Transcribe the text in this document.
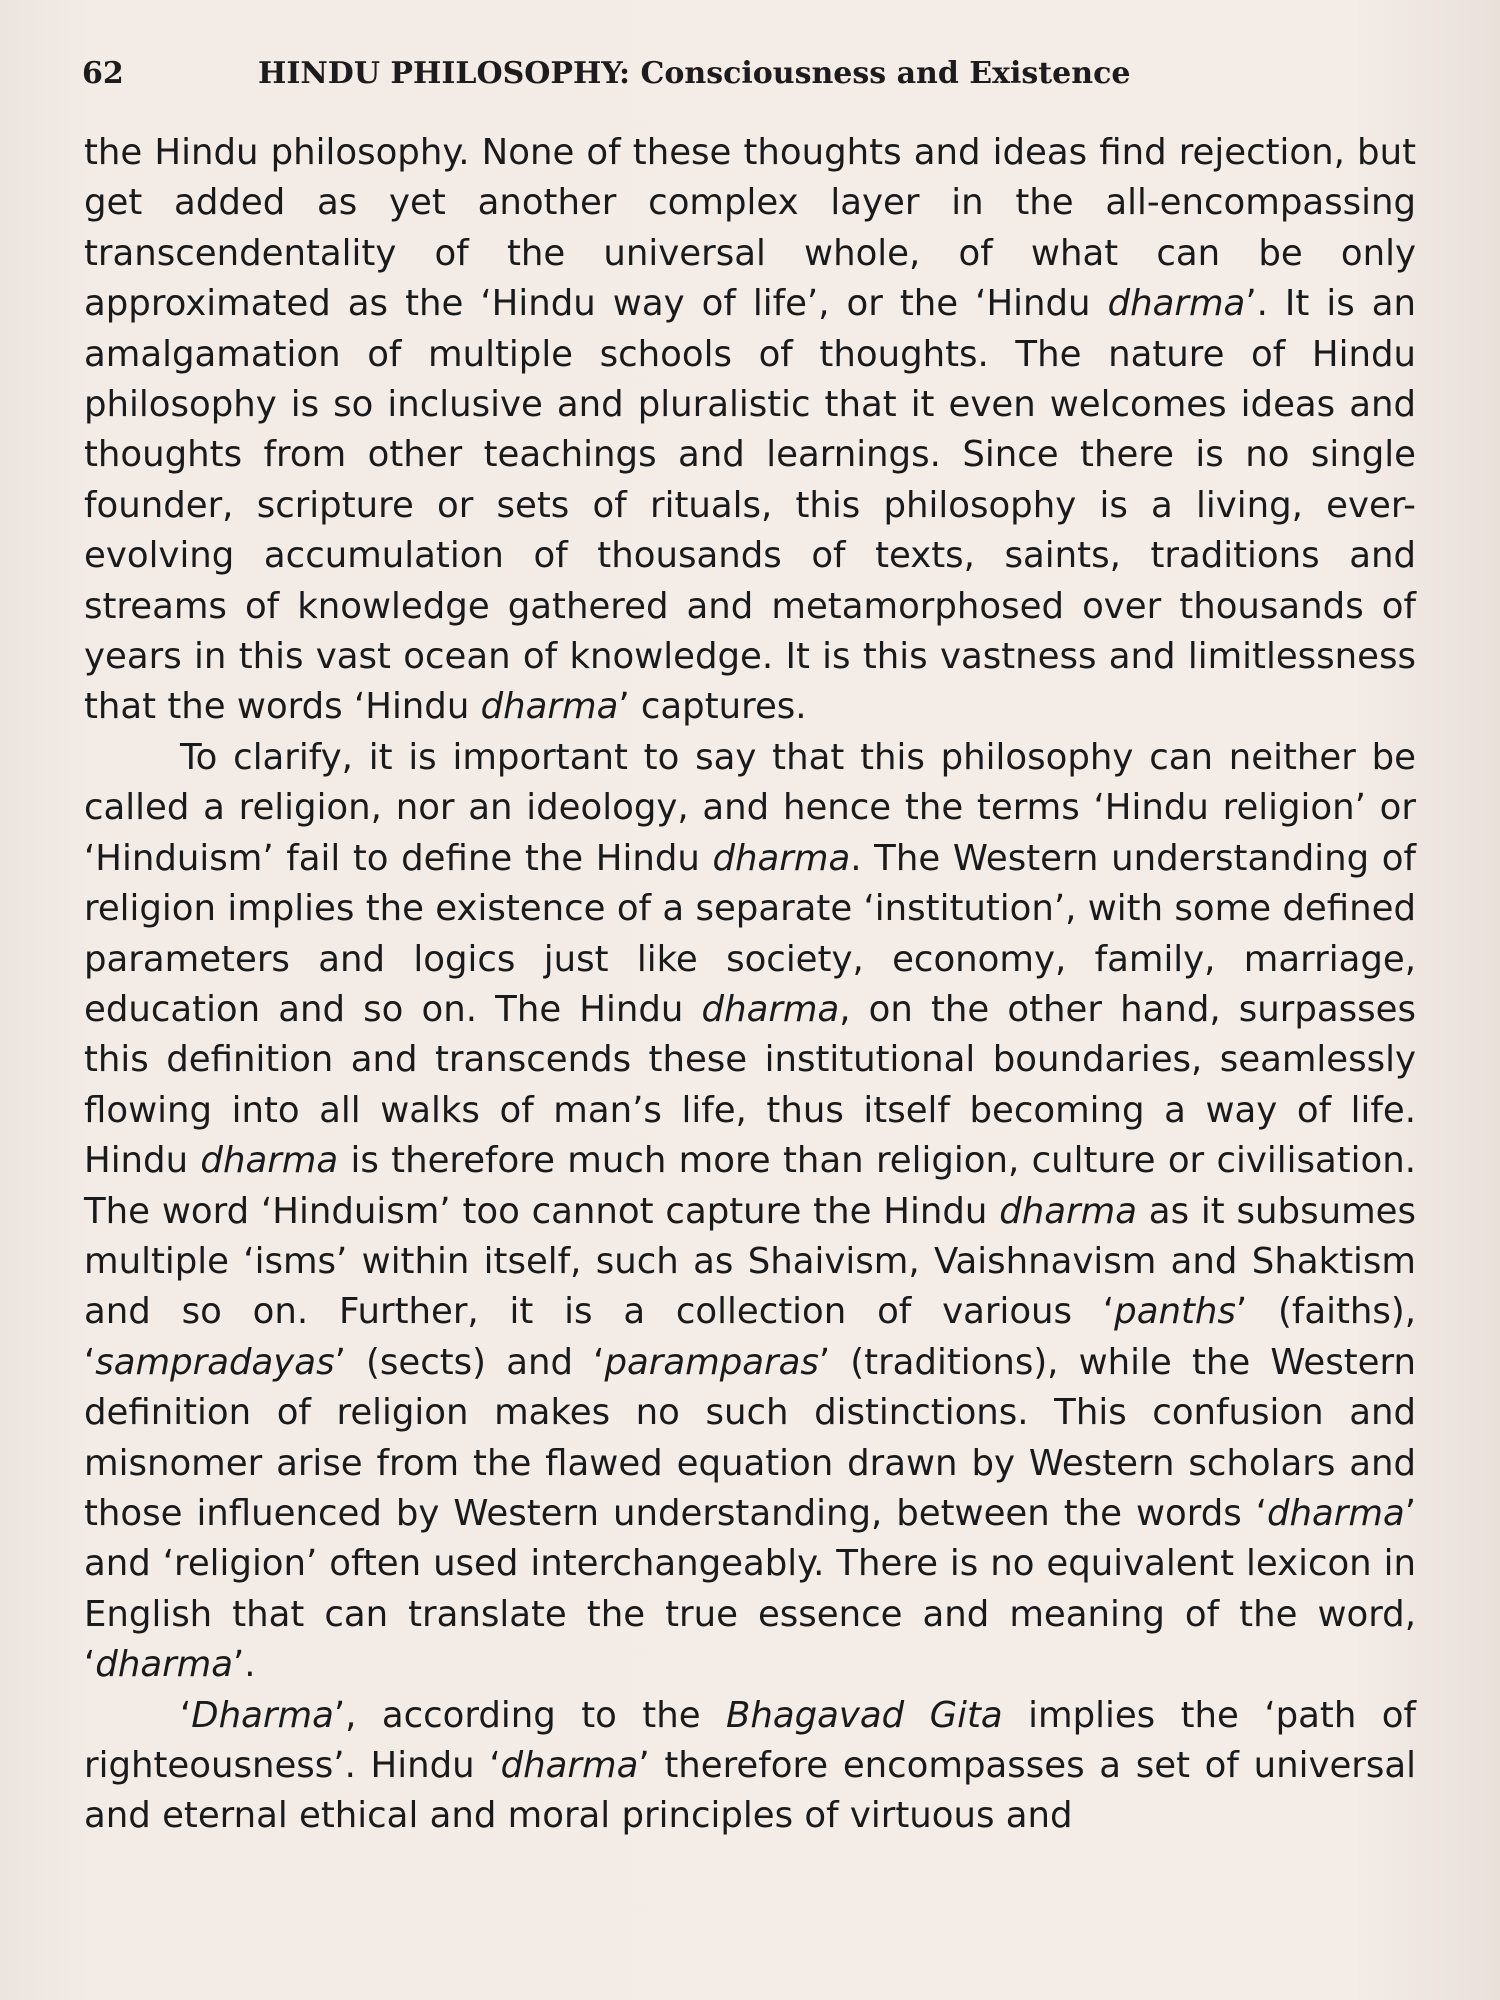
62	HINDU PHILOSOPHY: Consciousness and Existence

the Hindu philosophy. None of these thoughts and ideas find rejection, but get added as yet another complex layer in the all-encompassing transcendentality of the universal whole, of what can be only approximated as the ‘Hindu way of life’, or the ‘Hindu dharma’. It is an amalgamation of multiple schools of thoughts. The nature of Hindu philosophy is so inclusive and pluralistic that it even welcomes ideas and thoughts from other teachings and learnings. Since there is no single founder, scripture or sets of rituals, this philosophy is a living, ever-evolving accumulation of thousands of texts, saints, traditions and streams of knowledge gathered and metamorphosed over thousands of years in this vast ocean of knowledge. It is this vastness and limitlessness that the words ‘Hindu dharma’ captures.

To clarify, it is important to say that this philosophy can neither be called a religion, nor an ideology, and hence the terms ‘Hindu religion’ or ‘Hinduism’ fail to define the Hindu dharma. The Western understanding of religion implies the existence of a separate ‘institution’, with some defined parameters and logics just like society, economy, family, marriage, education and so on. The Hindu dharma, on the other hand, surpasses this definition and transcends these institutional boundaries, seamlessly flowing into all walks of man’s life, thus itself becoming a way of life. Hindu dharma is therefore much more than religion, culture or civilisation. The word ‘Hinduism’ too cannot capture the Hindu dharma as it subsumes multiple ‘isms’ within itself, such as Shaivism, Vaishnavism and Shaktism and so on. Further, it is a collection of various ‘panths’ (faiths), ‘sampradayas’ (sects) and ‘paramparas’ (traditions), while the Western definition of religion makes no such distinctions. This confusion and misnomer arise from the flawed equation drawn by Western scholars and those influenced by Western understanding, between the words ‘dharma’ and ‘religion’ often used interchangeably. There is no equivalent lexicon in English that can translate the true essence and meaning of the word, ‘dharma’.

‘Dharma’, according to the Bhagavad Gita implies the ‘path of righteousness’. Hindu ‘dharma’ therefore encompasses a set of universal and eternal ethical and moral principles of virtuous and
